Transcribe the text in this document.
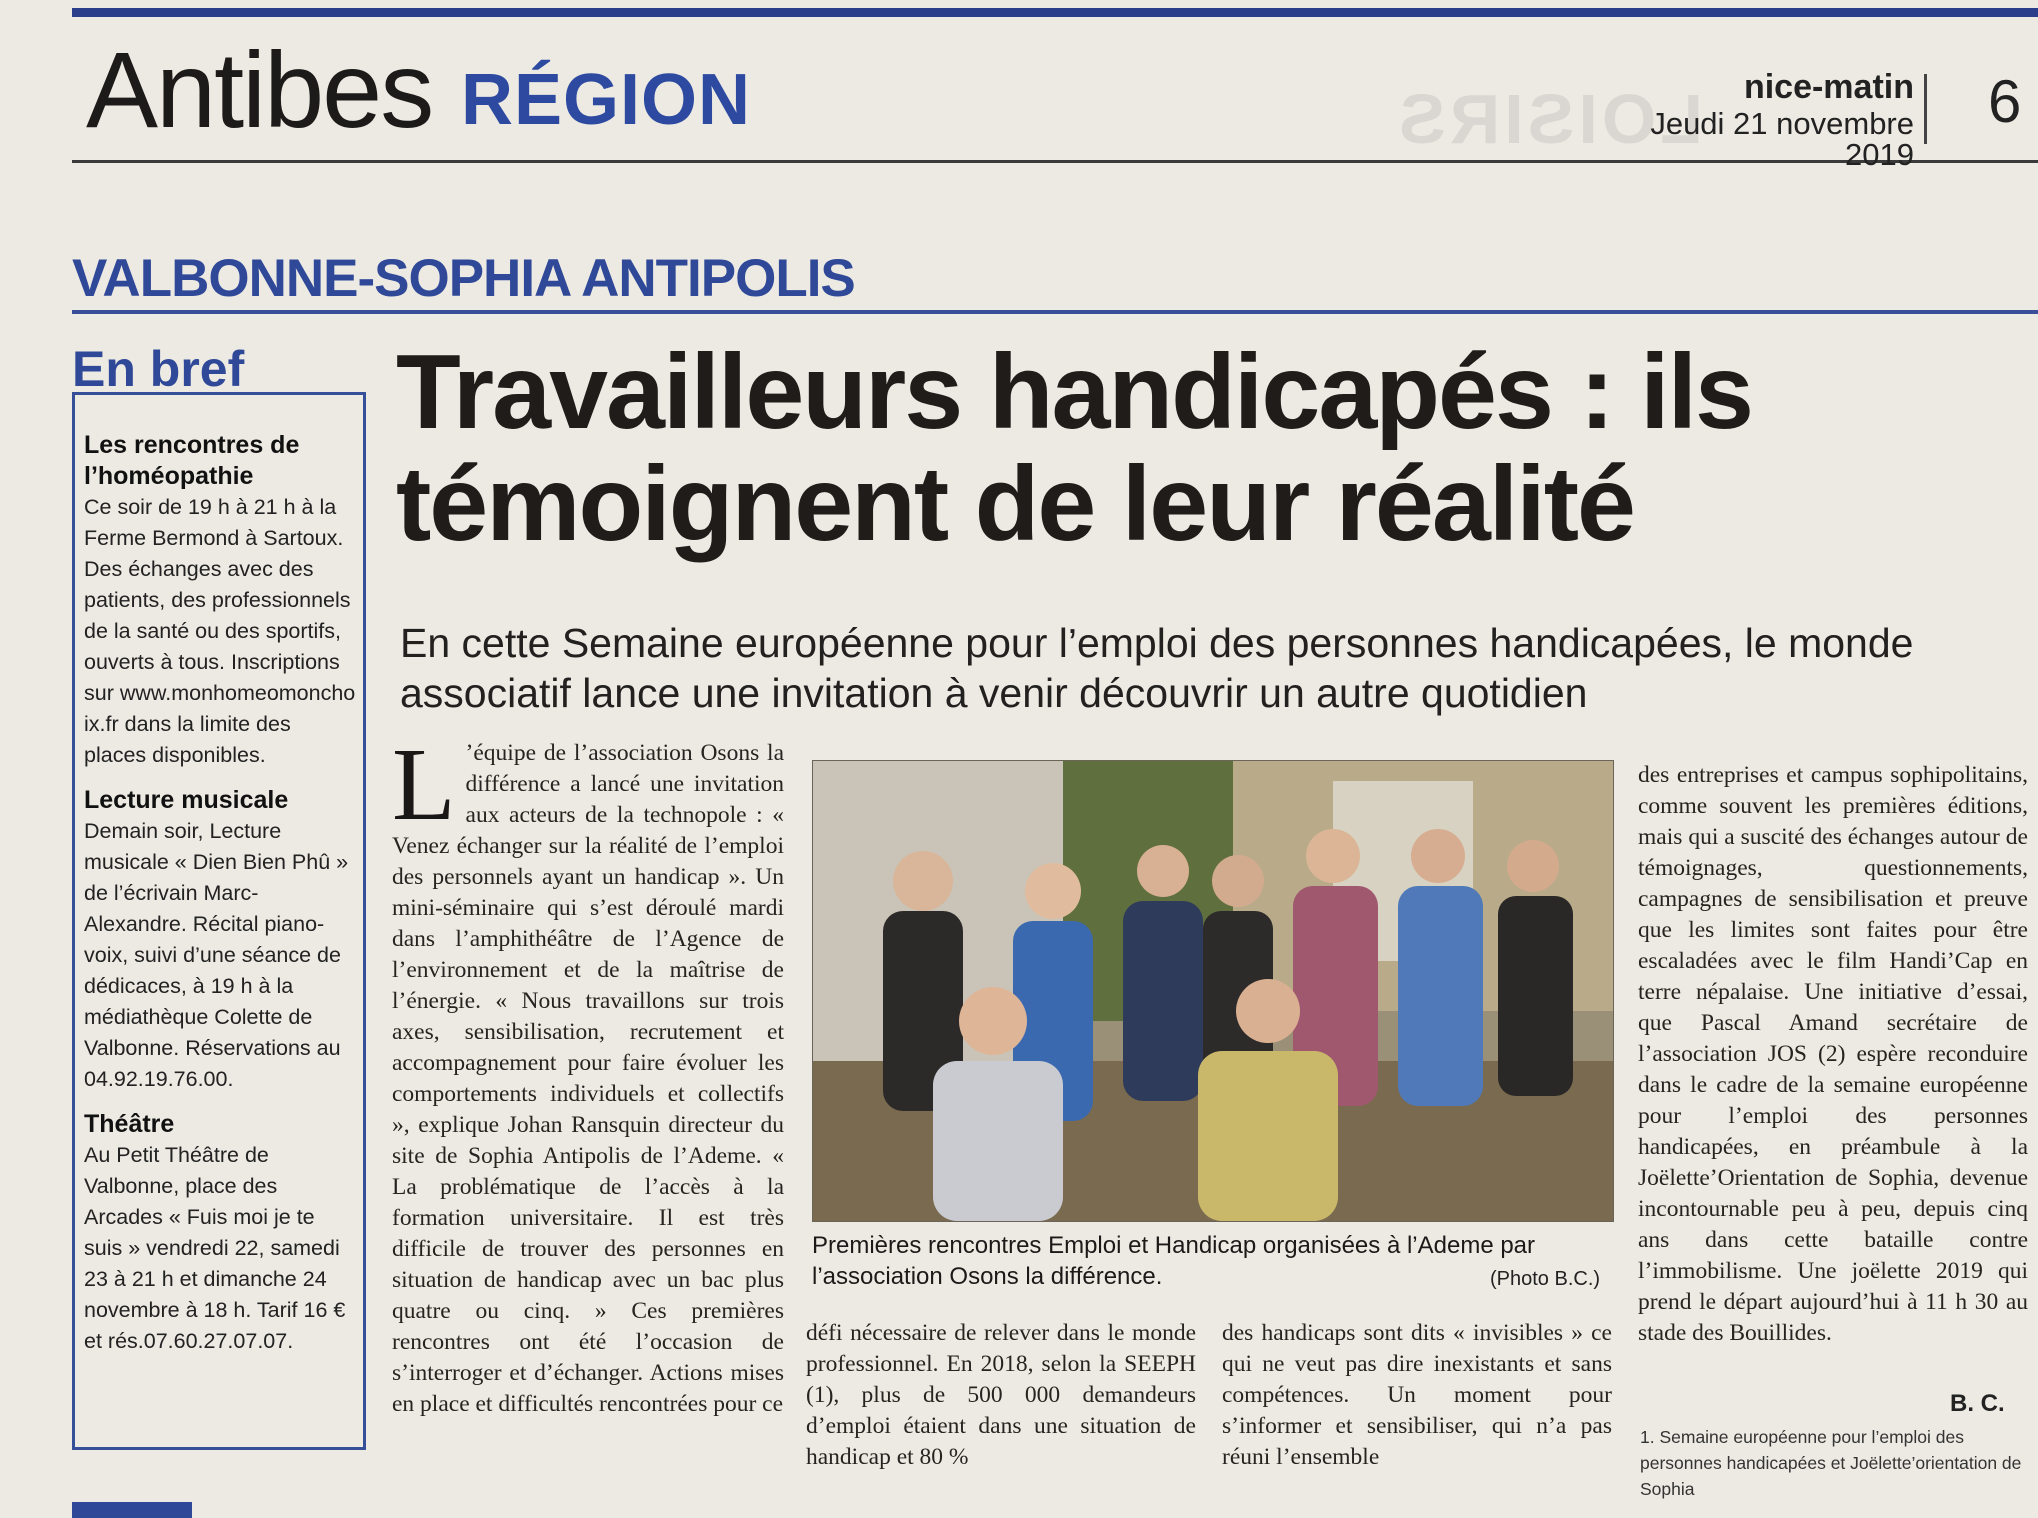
LOISIRS
Antibes RÉGION	nice-matin
Jeudi 21 novembre 2019
6
VALBONNE-SOPHIA ANTIPOLIS
En bref
Les rencontres de l’homéopathie
Ce soir de 19 h à 21 h à la Ferme Bermond à Sartoux. Des échanges avec des patients, des professionnels de la santé ou des sportifs, ouverts à tous. Inscriptions sur www.monhomeomoncho ix.fr dans la limite des places disponibles.
Lecture musicale
Demain soir, Lecture musicale « Dien Bien Phû » de l’écrivain Marc-Alexandre. Récital piano-voix, suivi d’une séance de dédicaces, à 19 h à la médiathèque Colette de Valbonne. Réservations au 04.92.19.76.00.
Théâtre
Au Petit Théâtre de Valbonne, place des Arcades « Fuis moi je te suis » vendredi 22, samedi 23 à 21 h et dimanche 24 novembre à 18 h. Tarif 16 € et rés.07.60.27.07.07.
Travailleurs handicapés : ils témoignent de leur réalité
En cette Semaine européenne pour l’emploi des personnes handicapées, le monde associatif lance une invitation à venir découvrir un autre quotidien
L ’équipe de l’association Osons la différence a lancé une invitation aux acteurs de la technopole : « Venez échanger sur la réalité de l’emploi des personnels ayant un handicap ». Un mini-séminaire qui s’est déroulé mardi dans l’amphithéâtre de l’Agence de l’environnement et de la maîtrise de l’énergie. « Nous travaillons sur trois axes, sensibilisation, recrutement et accompagnement pour faire évoluer les comportements individuels et collectifs », explique Johan Ransquin directeur du site de Sophia Antipolis de l’Ademe. « La problématique de l’accès à la formation universitaire. Il est très difficile de trouver des personnes en situation de handicap avec un bac plus quatre ou cinq. » Ces premières rencontres ont été l’occasion de s’interroger et d’échanger. Actions mises en place et difficultés rencontrées pour ce
Premières rencontres Emploi et Handicap organisées à l’Ademe par l’association Osons la différence.	(Photo B.C.)
défi nécessaire de relever dans le monde professionnel. En 2018, selon la SEEPH (1), plus de 500 000 demandeurs d’emploi étaient dans une situation de handicap et 80 %
des handicaps sont dits « invisibles » ce qui ne veut pas dire inexistants et sans compétences. Un moment pour s’informer et sensibiliser, qui n’a pas réuni l’ensemble
des entreprises et campus sophipolitains, comme souvent les premières éditions, mais qui a suscité des échanges autour de témoignages, questionnements, campagnes de sensibilisation et preuve que les limites sont faites pour être escaladées avec le film Handi’Cap en terre népalaise. Une initiative d’essai, que Pascal Amand secrétaire de l’association JOS (2) espère reconduire dans le cadre de la semaine européenne pour l’emploi des personnes handicapées, en préambule à la Joëlette’Orientation de Sophia, devenue incontournable peu à peu, depuis cinq ans dans cette bataille contre l’immobilisme. Une joëlette 2019 qui prend le départ aujourd’hui à 11 h 30 au stade des Bouillides.
B. C.
1. Semaine européenne pour l’emploi des personnes handicapées et Joëlette’orientation de Sophia
